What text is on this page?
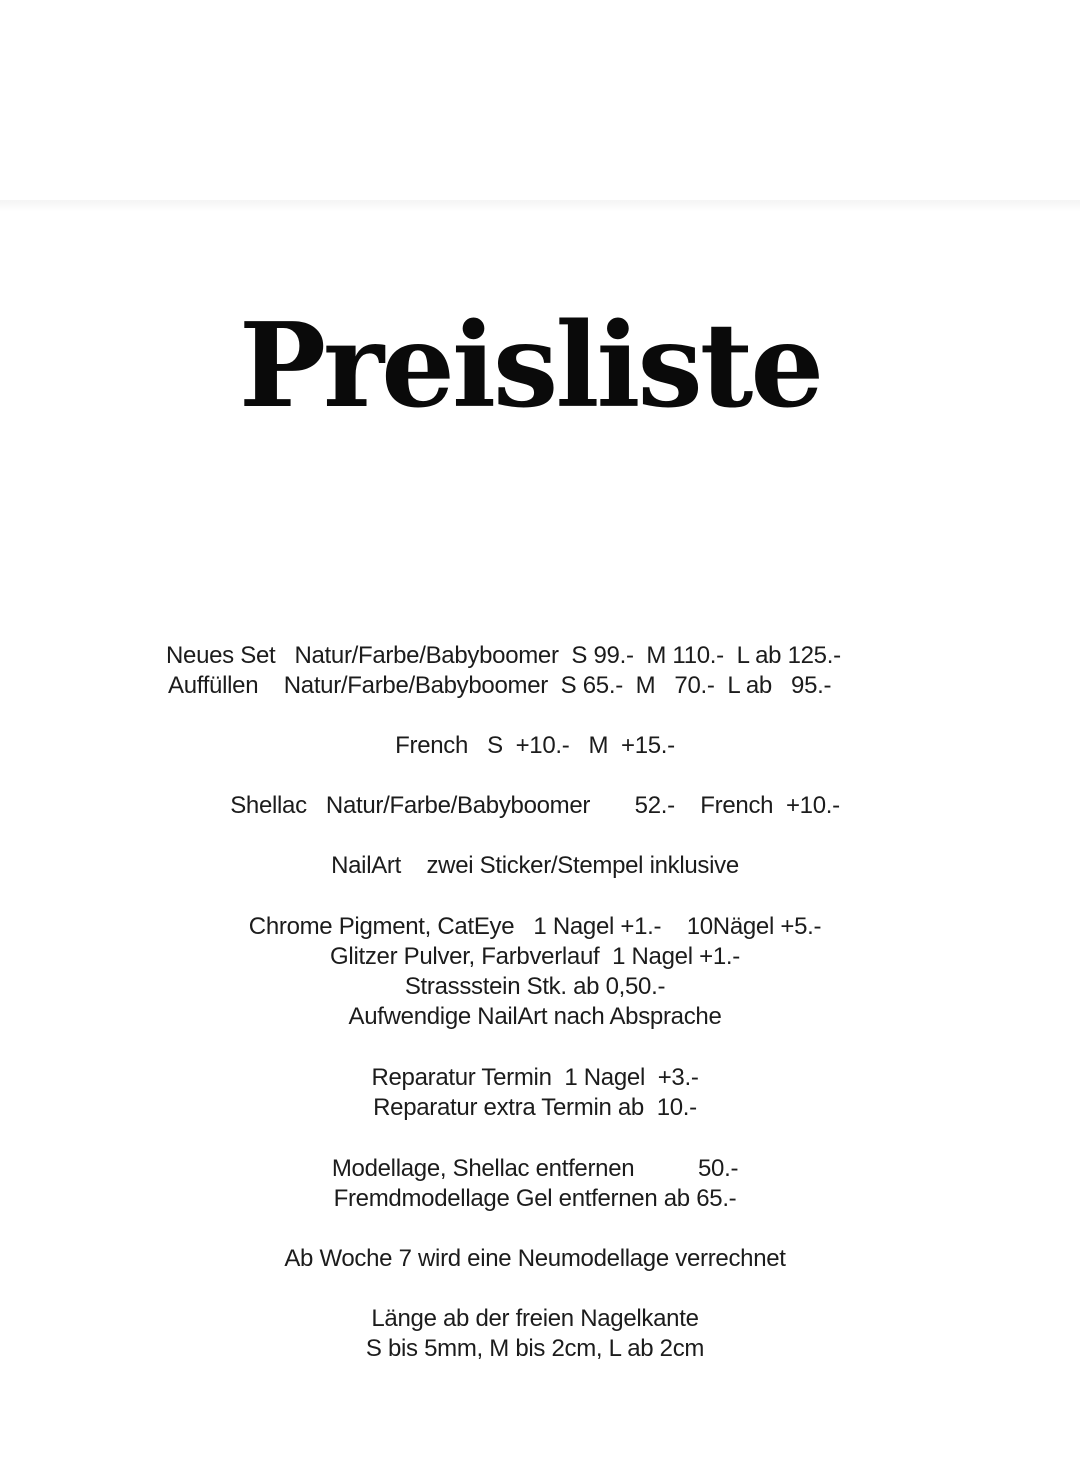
Preisliste
Neues Set   Natur/Farbe/Babyboomer  S 99.-  M 110.-  L ab 125.-
Auffüllen    Natur/Farbe/Babyboomer  S 65.-  M   70.-  L ab   95.-
French   S  +10.-   M  +15.-
Shellac   Natur/Farbe/Babyboomer       52.-    French  +10.-
NailArt    zwei Sticker/Stempel inklusive
Chrome Pigment, CatEye   1 Nagel +1.-    10Nägel +5.-
Glitzer Pulver, Farbverlauf  1 Nagel +1.-
Strassstein Stk. ab 0,50.-
Aufwendige NailArt nach Absprache
Reparatur Termin  1 Nagel  +3.-
Reparatur extra Termin ab  10.-
Modellage, Shellac entfernen          50.-
Fremdmodellage Gel entfernen ab 65.-
Ab Woche 7 wird eine Neumodellage verrechnet
Länge ab der freien Nagelkante
S bis 5mm, M bis 2cm, L ab 2cm
